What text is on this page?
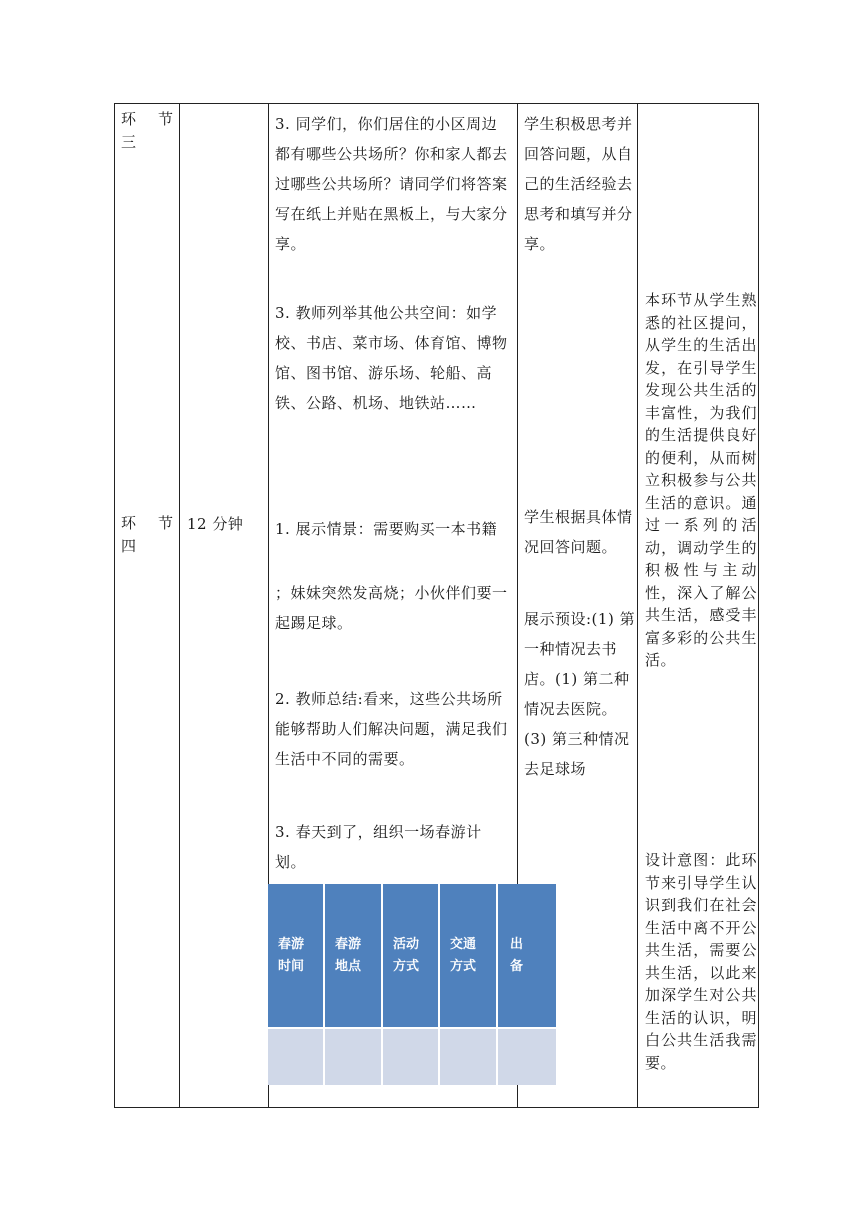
环 节
三
环 节
四
12 分钟
3. 同学们，你们居住的小区周边都有哪些公共场所？你和家人都去过哪些公共场所？请同学们将答案写在纸上并贴在黑板上，与大家分享。
3. 教师列举其他公共空间：如学校、书店、菜市场、体育馆、博物馆、图书馆、游乐场、轮船、高铁、公路、机场、地铁站……
1. 展示情景：需要购买一本书籍
；妹妹突然发高烧；小伙伴们要一起踢足球。
2. 教师总结:看来，这些公共场所能够帮助人们解决问题，满足我们生活中不同的需要。
3. 春天到了，组织一场春游计划。
学生积极思考并回答问题，从自己的生活经验去思考和填写并分享。
学生根据具体情况回答问题。
展示预设:(1) 第一种情况去书店。(1) 第二种情况去医院。(3) 第三种情况去足球场
本环节从学生熟悉的社区提问，从学生的生活出发，在引导学生发现公共生活的丰富性，为我们的生活提供良好的便利，从而树立积极参与公共生活的意识。通过一系列的活动，调动学生的积极性与主动性，深入了解公共生活，感受丰富多彩的公共生活。
设计意图：此环节来引导学生认识到我们在社会生活中离不开公共生活，需要公共生活，以此来加深学生对公共生活的认识，明白公共生活我需要。
春游
时间
春游
地点
活动
方式
交通
方式
出
备
